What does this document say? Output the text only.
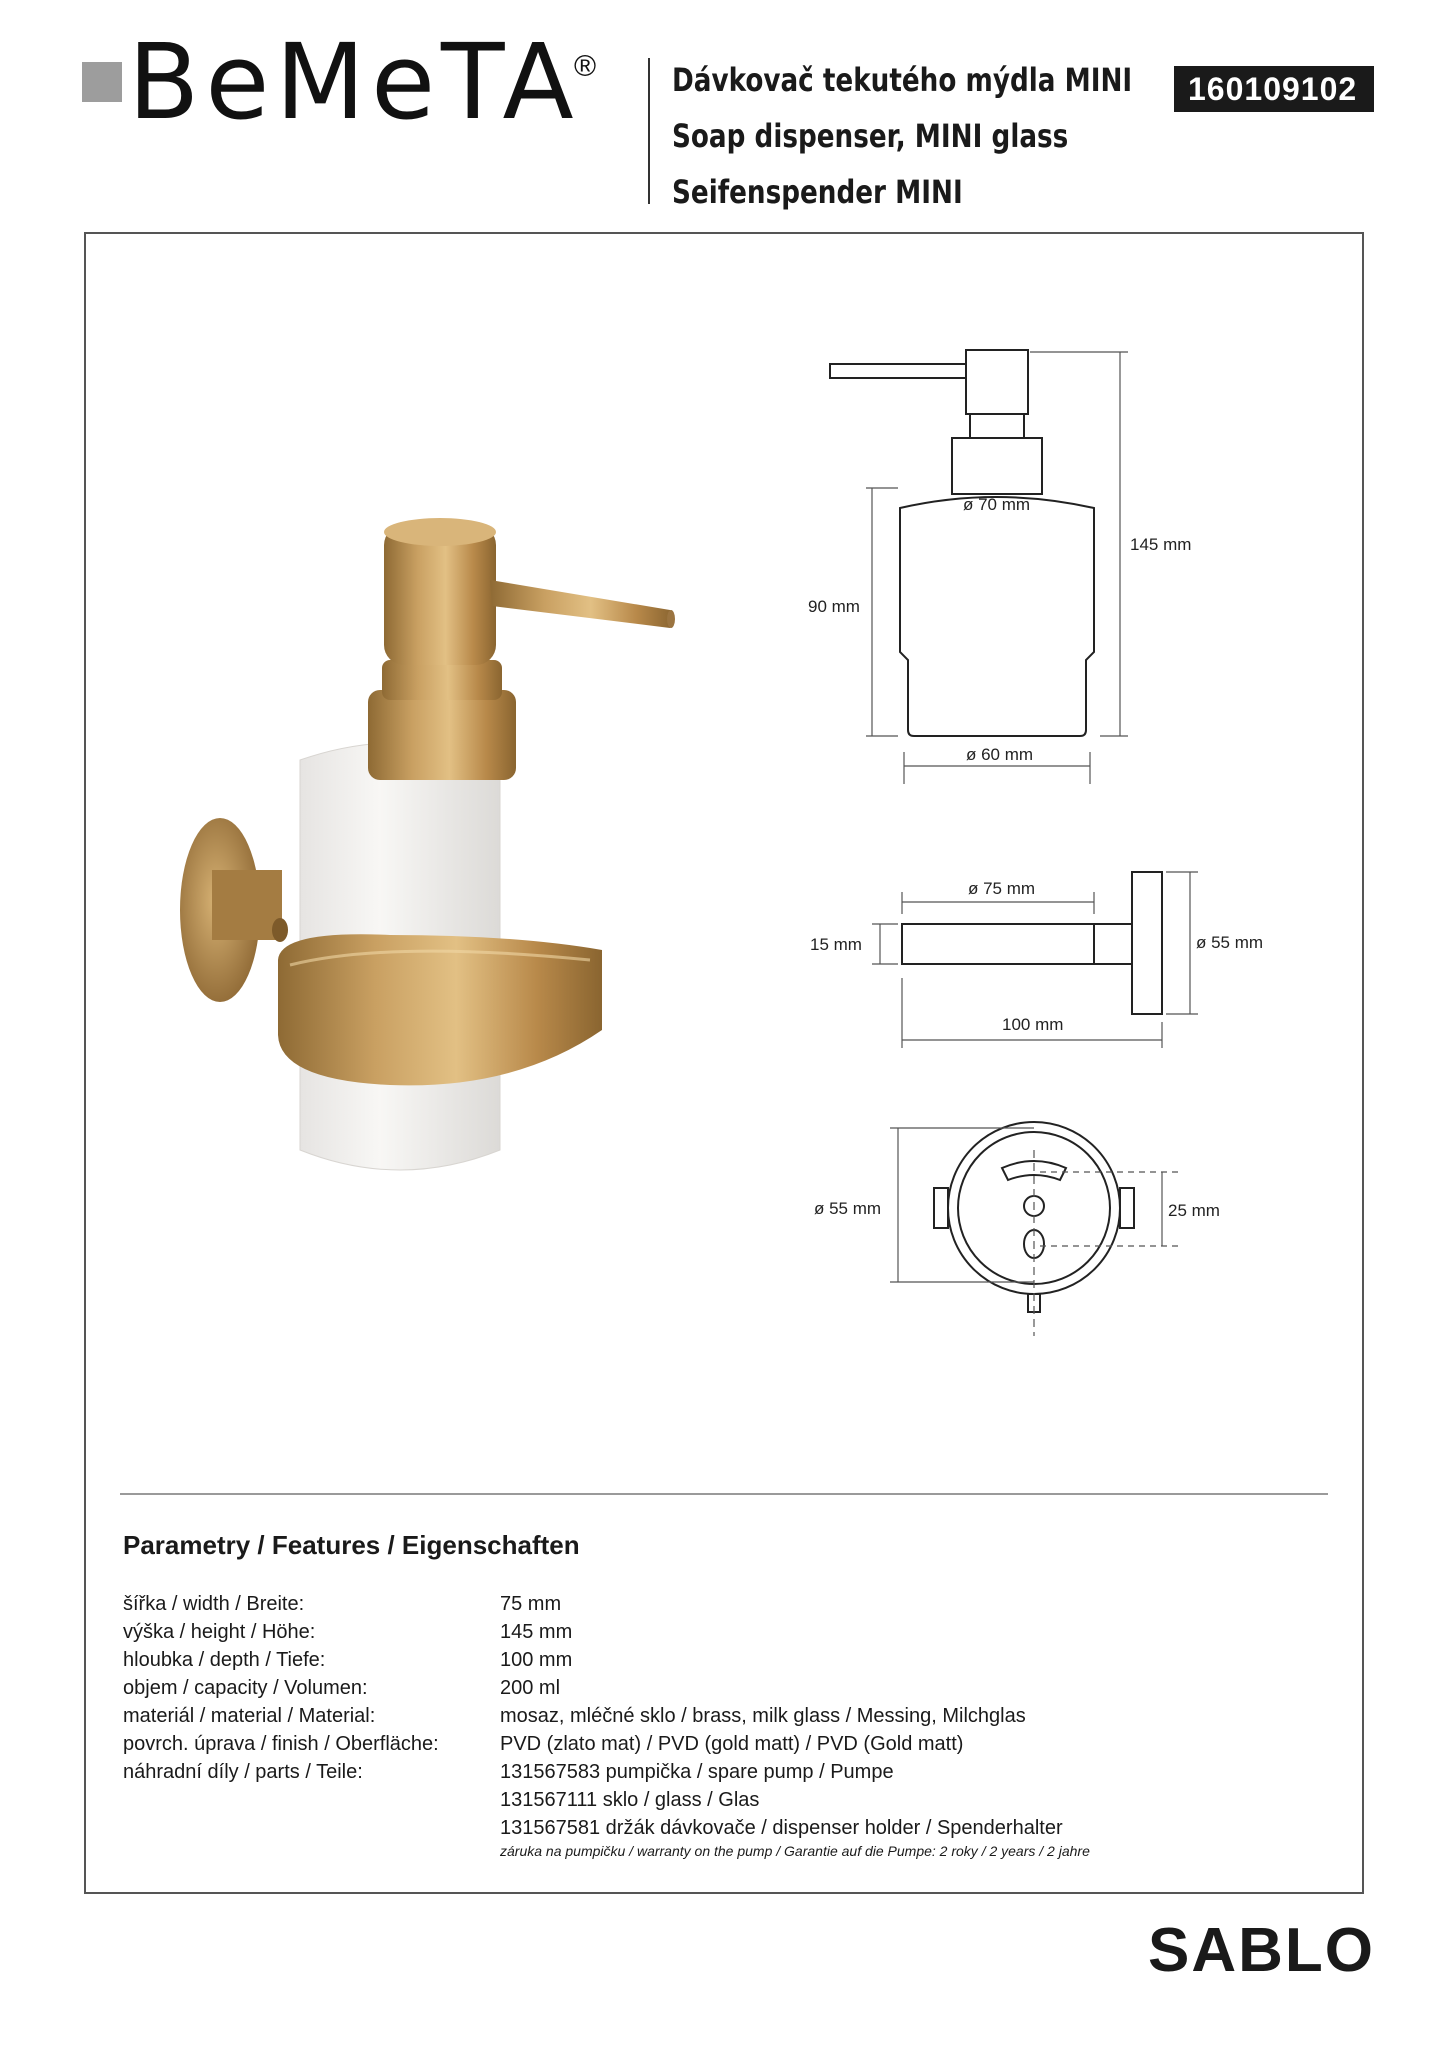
BeMeTA
® Dávkovač tekutého mýdla MINI
Soap dispenser, MINI glass
Seifenspender MINI
160109102
ø 70 mm
90 mm
145 mm
ø 60 mm
ø 75 mm
15 mm	ø 55 mm
100 mm
ø 55 mm	25 mm
Parametry / Features / Eigenschaften
šířka / width / Breite:	75 mm
výška / height / Höhe:	145 mm
hloubka / depth / Tiefe:	100 mm
objem / capacity / Volumen:	200 ml
materiál / material / Material:	mosaz, mléčné sklo / brass, milk glass / Messing, Milchglas
povrch. úprava / finish / Oberfläche:	PVD (zlato mat) / PVD (gold matt) / PVD (Gold matt)
náhradní díly / parts / Teile:	131567583 pumpička / spare pump / Pumpe
131567111 sklo / glass / Glas
131567581 držák dávkovače / dispenser holder / Spenderhalter
záruka na pumpičku / warranty on the pump / Garantie auf die Pumpe: 2 roky / 2 years / 2 jahre
SABLO
